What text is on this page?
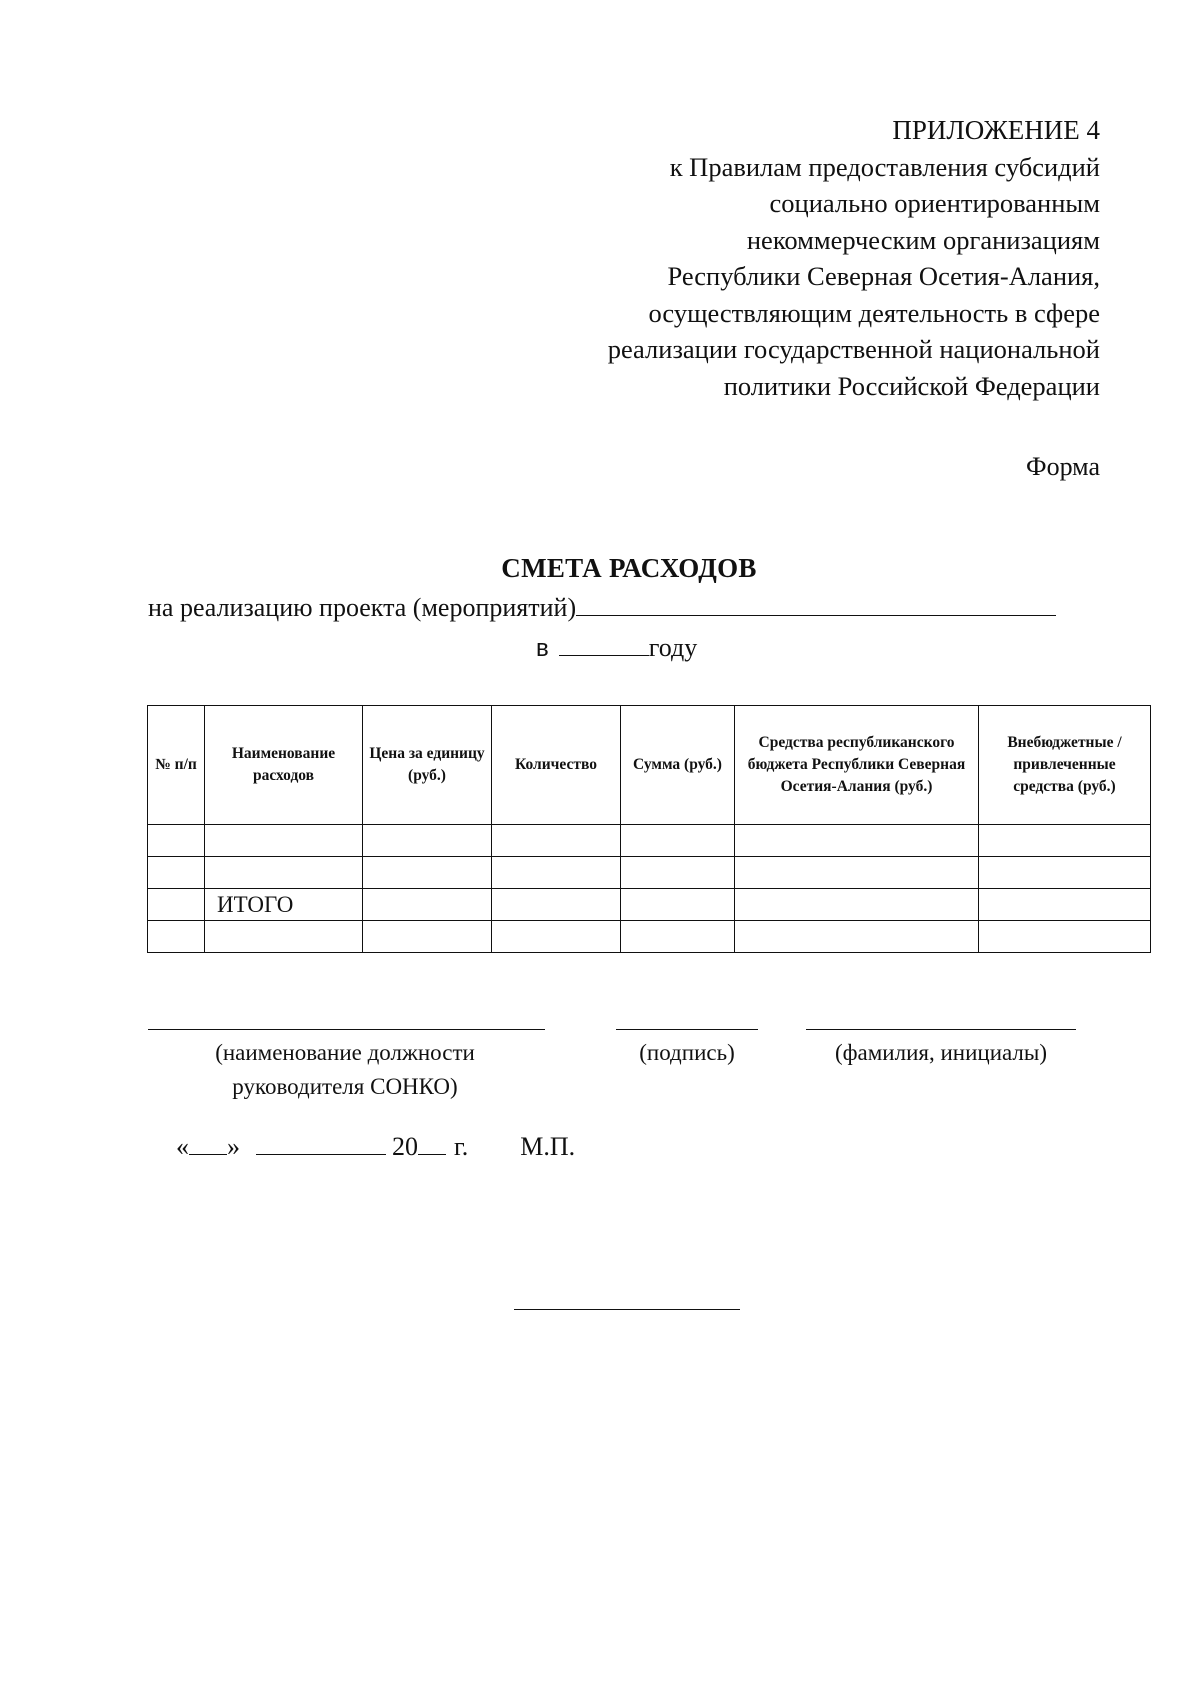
ПРИЛОЖЕНИЕ 4
к Правилам предоставления субсидий
социально ориентированным
некоммерческим организациям
Республики Северная Осетия-Алания,
осуществляющим деятельность в сфере
реализации государственной национальной
политики Российской Федерации
Форма
СМЕТА РАСХОДОВ
на реализацию проекта (мероприятий)
в	году
№ п/п	Наименование расходов	Цена за единицу (руб.)	Количество	Сумма (руб.)	Средства республиканского бюджета Республики Северная Осетия-Алания (руб.)	Внебюджетные / привлеченные средства (руб.)

	ИТОГО					

(наименование должности
руководителя СОНКО)
(подпись)	(фамилия, инициалы)
« »	20 г. М.П.
